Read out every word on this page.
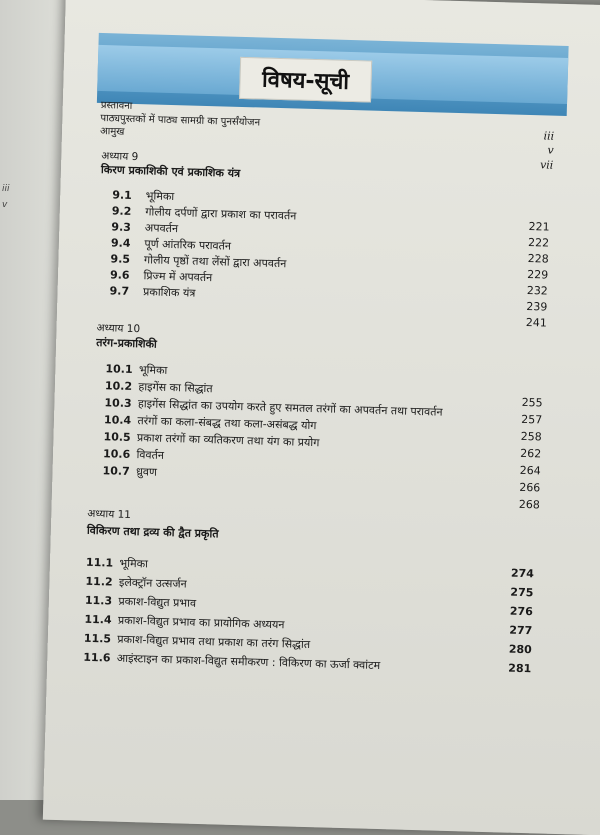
iii
v
विषय-सूची
प्रस्तावना
पाठ्यपुस्तकों में पाठ्य सामग्री का पुनर्संयोजन
आमुख	iii
v
vii
अध्याय 9
किरण प्रकाशिकी एवं प्रकाशिक यंत्र
9.1 भूमिका
9.2 गोलीय दर्पणों द्वारा प्रकाश का परावर्तन
9.3 अपवर्तन
9.4 पूर्ण आंतरिक परावर्तन
9.5 गोलीय पृष्ठों तथा लेंसों द्वारा अपवर्तन
9.6 प्रिज्म में अपवर्तन
9.7 प्रकाशिक यंत्र
221
222
228
229
232
239
241
अध्याय 10
तरंग-प्रकाशिकी
10.1 भूमिका
10.2 हाइगेंस का सिद्धांत
10.3 हाइगेंस सिद्धांत का उपयोग करते हुए समतल तरंगों का अपवर्तन तथा परावर्तन
10.4 तरंगों का कला-संबद्ध तथा कला-असंबद्ध योग
10.5 प्रकाश तरंगों का व्यतिकरण तथा यंग का प्रयोग
10.6 विवर्तन
10.7 ध्रुवण
255
257
258
262
264
266
268
अध्याय 11
विकिरण तथा द्रव्य की द्वैत प्रकृति
11.1 भूमिका
11.2 इलेक्ट्रॉन उत्सर्जन
11.3 प्रकाश-विद्युत प्रभाव
11.4 प्रकाश-विद्युत प्रभाव का प्रायोगिक अध्ययन
11.5 प्रकाश-विद्युत प्रभाव तथा प्रकाश का तरंग सिद्धांत
11.6 आइंस्टाइन का प्रकाश-विद्युत समीकरण : विकिरण का ऊर्जा क्वांटम
274
275
276
277
280
281
